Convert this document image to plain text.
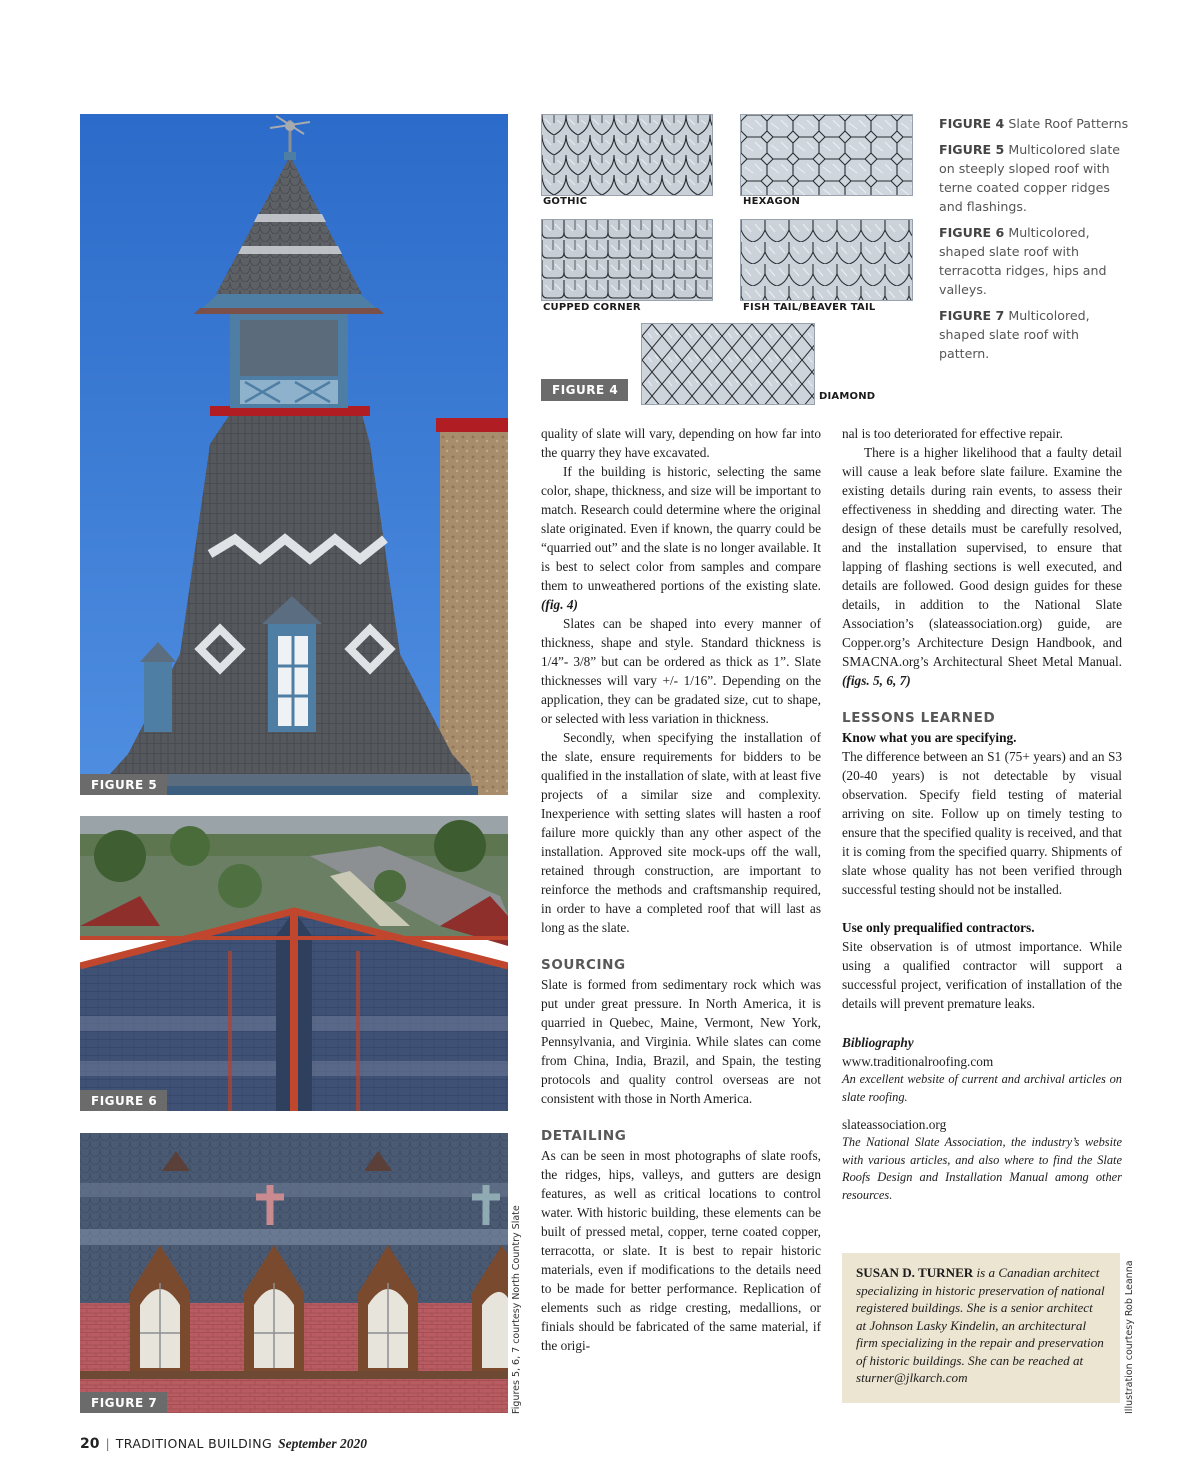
FIGURE 5
FIGURE 6
FIGURE 7	Figures 5, 6, 7 courtesy North Country Slate
GOTHIC	HEXAGON
CUPPED CORNER	FISH TAIL/BEAVER TAIL
DIAMOND
FIGURE 4

FIGURE 4 Slate Roof Patterns

FIGURE 5 Multicolored slate on steeply sloped roof with terne coated copper ridges and flashings.

FIGURE 6 Multicolored, shaped slate roof with terracotta ridges, hips and valleys.

FIGURE 7 Multicolored, shaped slate roof with pattern.

quality of slate will vary, depending on how far into the quarry they have excavated.

If the building is historic, selecting the same color, shape, thickness, and size will be important to match. Research could determine where the original slate originated. Even if known, the quarry could be “quarried out” and the slate is no longer available. It is best to select color from samples and compare them to unweathered portions of the existing slate. (fig. 4)

Slates can be shaped into every manner of thickness, shape and style. Standard thickness is 1/4”- 3/8” but can be ordered as thick as 1”. Slate thicknesses will vary +/- 1/16”. Depending on the application, they can be gradated size, cut to shape, or selected with less variation in thickness.

Secondly, when specifying the installation of the slate, ensure requirements for bidders to be qualified in the installation of slate, with at least five projects of a similar size and complexity. Inexperience with setting slates will hasten a roof failure more quickly than any other aspect of the installation. Approved site mock-ups off the wall, retained through construction, are important to reinforce the methods and craftsmanship required, in order to have a completed roof that will last as long as the slate.

SOURCING

Slate is formed from sedimentary rock which was put under great pressure. In North America, it is quarried in Quebec, Maine, Vermont, New York, Pennsylvania, and Virginia. While slates can come from China, India, Brazil, and Spain, the testing protocols and quality control overseas are not consistent with those in North America.

DETAILING

As can be seen in most photographs of slate roofs, the ridges, hips, valleys, and gutters are design features, as well as critical locations to control water. With historic building, these elements can be built of pressed metal, copper, terne coated copper, terracotta, or slate. It is best to repair historic materials, even if modifications to the details need to be made for better performance. Replication of elements such as ridge cresting, medallions, or finials should be fabricated of the same material, if the origi-

nal is too deteriorated for effective repair.

There is a higher likelihood that a faulty detail will cause a leak before slate failure. Examine the existing details during rain events, to assess their effectiveness in shedding and directing water. The design of these details must be carefully resolved, and the installation supervised, to ensure that lapping of flashing sections is well executed, and details are followed. Good design guides for these details, in addition to the National Slate Association’s (slateassociation.org) guide, are Copper.org’s Architecture Design Handbook, and SMACNA.org’s Architectural Sheet Metal Manual. (figs. 5, 6, 7)

LESSONS LEARNED
Know what you are specifying.

The difference between an S1 (75+ years) and an S3 (20-40 years) is not detectable by visual observation. Specify field testing of material arriving on site. Follow up on timely testing to ensure that the specified quality is received, and that it is coming from the specified quarry. Shipments of slate whose quality has not been verified through successful testing should not be installed.

Use only prequalified contractors.

Site observation is of utmost importance. While using a qualified contractor will support a successful project, verification of installation of the details will prevent premature leaks.

Bibliography

www.traditionalroofing.com

An excellent website of current and archival articles on slate roofing.

slateassociation.org

The National Slate Association, the industry’s website with various articles, and also where to find the Slate Roofs Design and Installation Manual among other resources.

SUSAN D. TURNER is a Canadian architect specializing in historic preservation of national registered buildings. She is a senior architect at Johnson Lasky Kindelin, an architectural firm specializing in the repair and preservation of historic buildings. She can be reached at sturner@jlkarch.com	Illustration courtesy Rob Leanna
20 | TRADITIONAL BUILDING September 2020
